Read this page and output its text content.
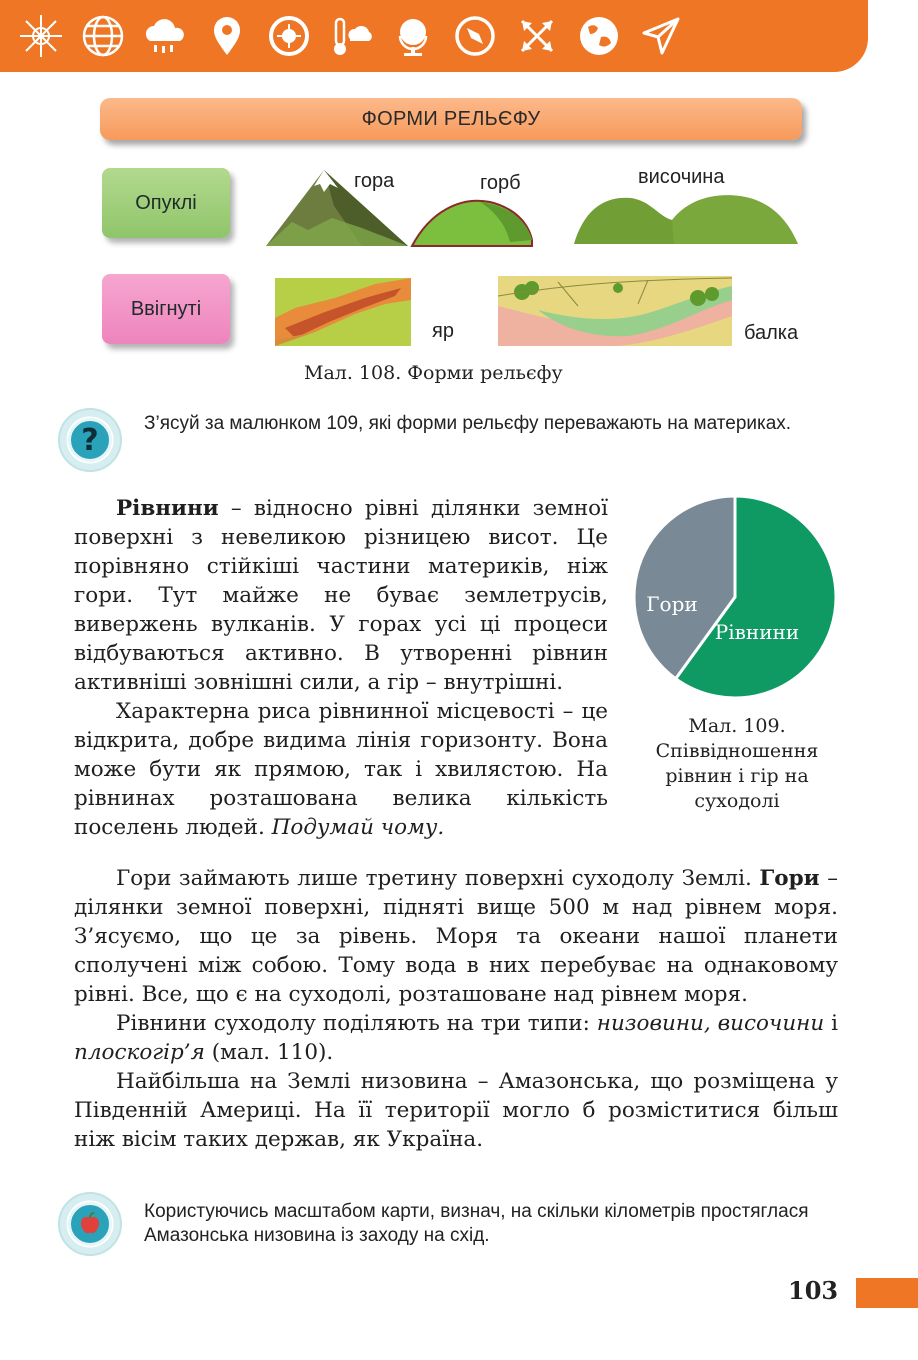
ФОРМИ РЕЛЬЄФУ
Опуклі
Ввігнуті
гора	горб	височина
яр	балка
Мал. 108. Форми рельєфу
?	З’ясуй за малюнком 109, які форми рельєфу переважають на материках.

Рівнини – відносно рівні ділянки земної поверхні з невеликою різницею висот. Це порівняно стійкіші частини материків, ніж гори. Тут майже не буває землетрусів, вивержень вулканів. У горах усі ці процеси відбуваються активно. В утворенні рівнин активніші зовнішні сили, а гір – внутрішні.

Характерна риса рівнинної місцевості – це відкрита, добре видима лінія горизонту. Вона може бути як прямою, так і хвилястою. На рівнинах розташована велика кількість поселень людей. Подумай чому.

Рівнини
Гори
Мал. 109.
Співвідношення
рівнин і гір на
суходолі

Гори займають лише третину поверхні суходолу Землі. Гори – ділянки земної поверхні, підняті вище 500 м над рівнем моря. З’ясуємо, що це за рівень. Моря та океани нашої планети сполучені між собою. Тому вода в них перебуває на однаковому рівні. Все, що є на суходолі, розташоване над рівнем моря.

Рівнини суходолу поділяють на три типи: низовини, височини і плоскогір’я (мал. 110).

Найбільша на Землі низовина – Амазонська, що розміщена у Південній Америці. На її території могло б розміститися більш ніж вісім таких держав, як Україна.

Користуючись масштабом карти, визнач, на скільки кілометрів простяглася Амазонська низовина із заходу на схід.
103
